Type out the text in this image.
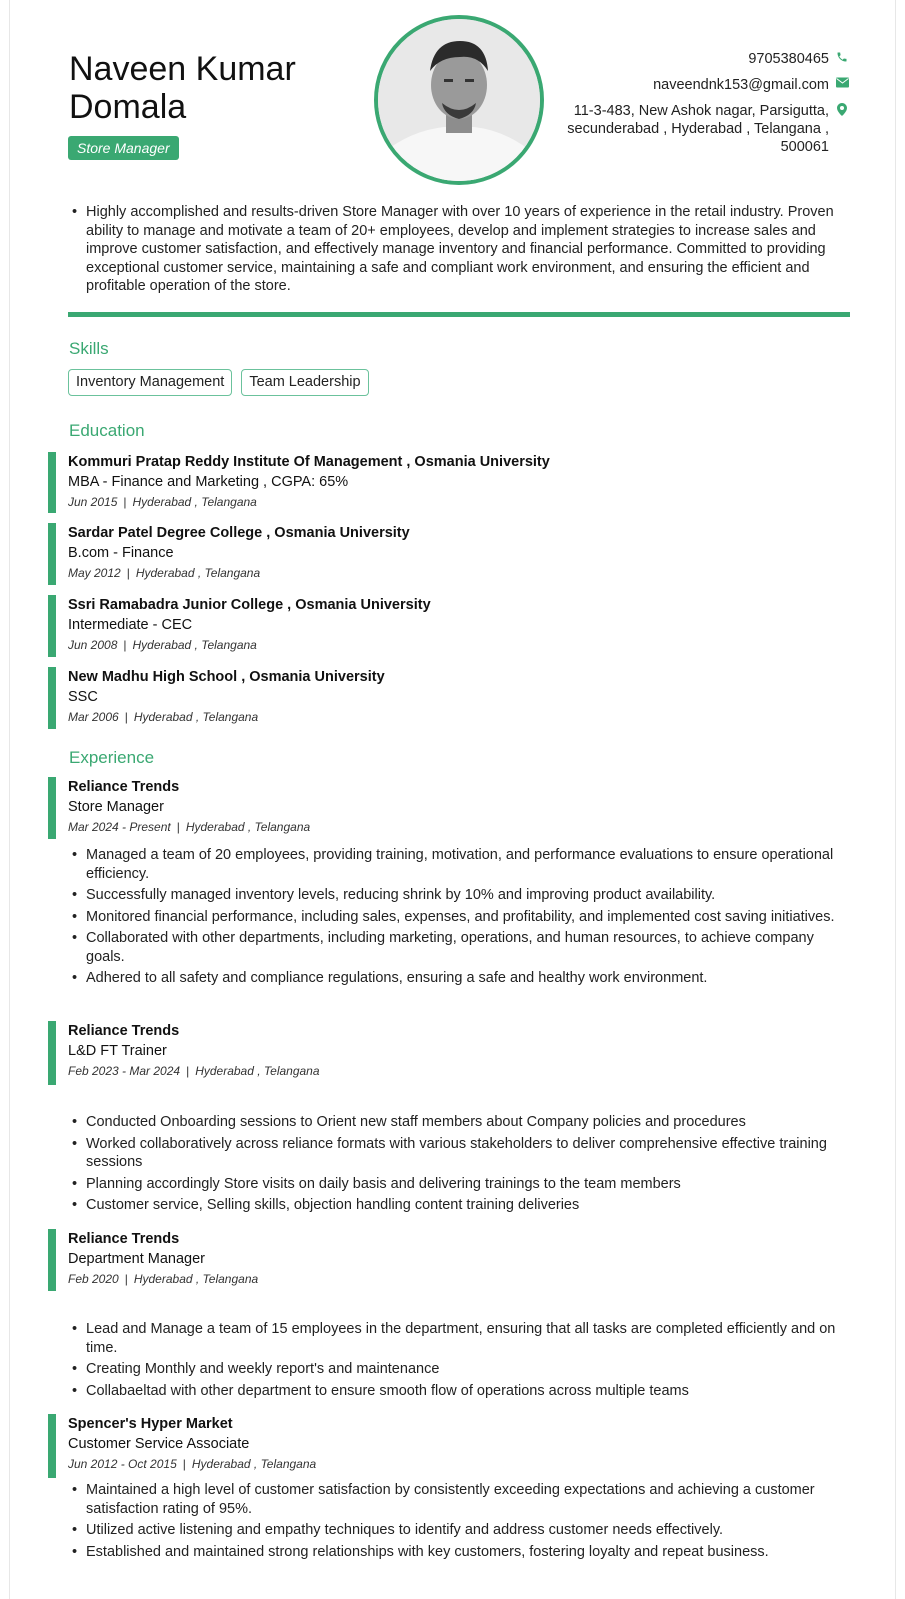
Naveen Kumar
Domala
Store Manager
9705380465
naveendnk153@gmail.com
11-3-483, New Ashok nagar, Parsigutta, secunderabad , Hyderabad , Telangana , 500061
• Highly accomplished and results-driven Store Manager with over 10 years of experience in the retail industry. Proven ability to manage and motivate a team of 20+ employees, develop and implement strategies to increase sales and improve customer satisfaction, and effectively manage inventory and financial performance. Committed to providing exceptional customer service, maintaining a safe and compliant work environment, and ensuring the efficient and profitable operation of the store.
Skills
Inventory Management	Team Leadership
Education
Kommuri Pratap Reddy Institute Of Management , Osmania University
MBA - Finance and Marketing , CGPA: 65%
Jun 2015 | Hyderabad , Telangana
Sardar Patel Degree College , Osmania University
B.com - Finance
May 2012 | Hyderabad , Telangana
Ssri Ramabadra Junior College , Osmania University
Intermediate - CEC
Jun 2008 | Hyderabad , Telangana
New Madhu High School , Osmania University
SSC
Mar 2006 | Hyderabad , Telangana
Experience
Reliance Trends
Store Manager
Mar 2024 - Present | Hyderabad , Telangana
• Managed a team of 20 employees, providing training, motivation, and performance evaluations to ensure operational efficiency.
• Successfully managed inventory levels, reducing shrink by 10% and improving product availability.
• Monitored financial performance, including sales, expenses, and profitability, and implemented cost saving initiatives.
• Collaborated with other departments, including marketing, operations, and human resources, to achieve company goals.
• Adhered to all safety and compliance regulations, ensuring a safe and healthy work environment.
Reliance Trends
L&D FT Trainer
Feb 2023 - Mar 2024 | Hyderabad , Telangana
• Conducted Onboarding sessions to Orient new staff members about Company policies and procedures
• Worked collaboratively across reliance formats with various stakeholders to deliver comprehensive effective training sessions
• Planning accordingly Store visits on daily basis and delivering trainings to the team members
• Customer service, Selling skills, objection handling content training deliveries
Reliance Trends
Department Manager
Feb 2020 | Hyderabad , Telangana
• Lead and Manage a team of 15 employees in the department, ensuring that all tasks are completed efficiently and on time.
• Creating Monthly and weekly report's and maintenance
• Collabaeltad with other department to ensure smooth flow of operations across multiple teams
Spencer's Hyper Market
Customer Service Associate
Jun 2012 - Oct 2015 | Hyderabad , Telangana
• Maintained a high level of customer satisfaction by consistently exceeding expectations and achieving a customer satisfaction rating of 95%.
• Utilized active listening and empathy techniques to identify and address customer needs effectively.
• Established and maintained strong relationships with key customers, fostering loyalty and repeat business.
